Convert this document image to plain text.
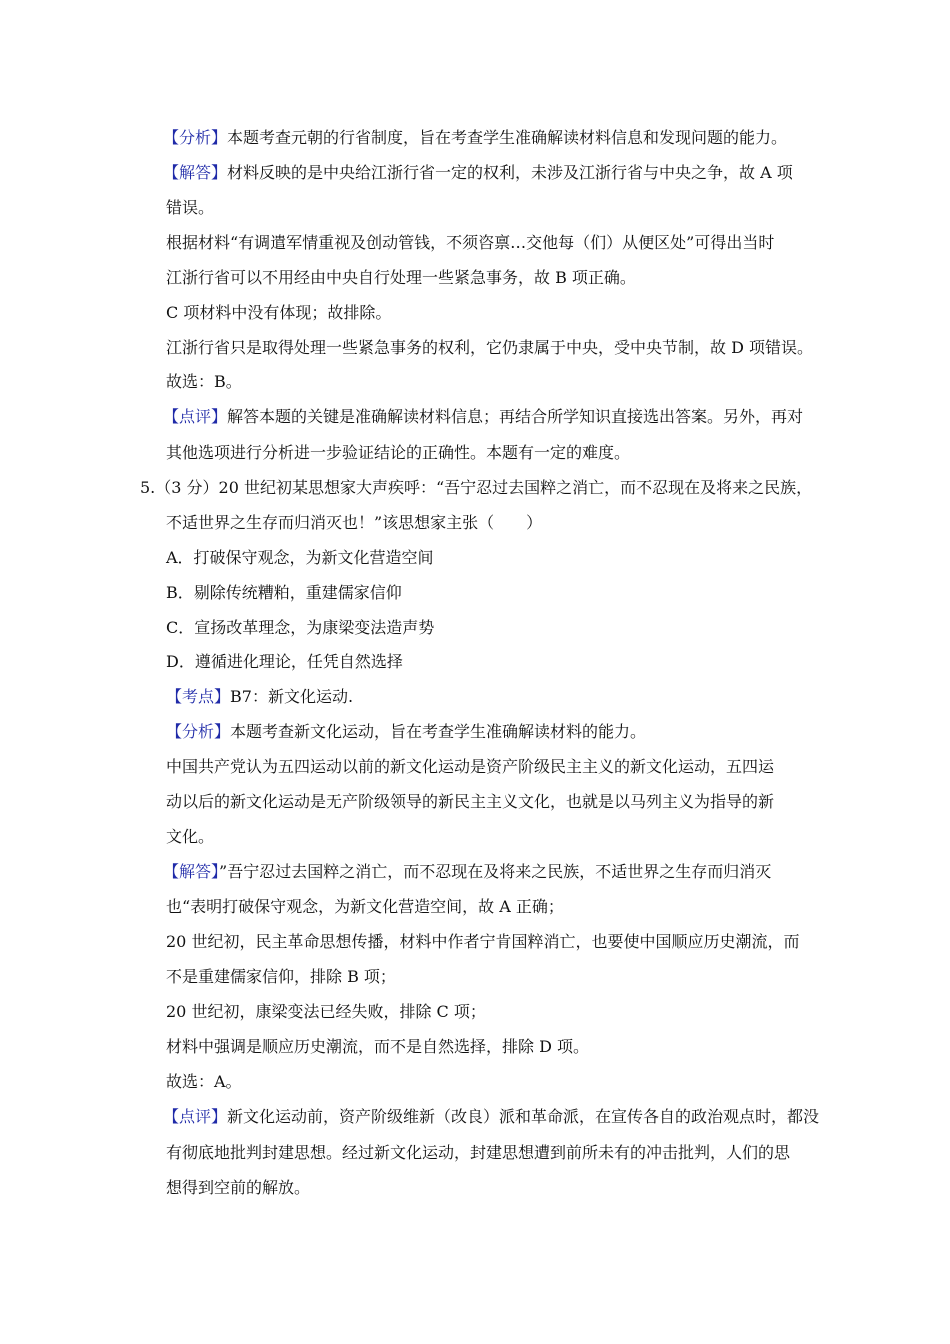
【分析】本题考查元朝的行省制度，旨在考查学生准确解读材料信息和发现问题的能力。
【解答】材料反映的是中央给江浙行省一定的权利，未涉及江浙行省与中央之争，故 A 项
错误。
根据材料“有调遣军情重视及创动管钱，不须咨禀…交他每（们）从便区处”可得出当时
江浙行省可以不用经由中央自行处理一些紧急事务，故 B 项正确。
C 项材料中没有体现；故排除。
江浙行省只是取得处理一些紧急事务的权利，它仍隶属于中央，受中央节制，故 D 项错误。
故选：B。
【点评】解答本题的关键是准确解读材料信息；再结合所学知识直接选出答案。另外，再对
其他选项进行分析进一步验证结论的正确性。本题有一定的难度。
5.（3 分）20 世纪初某思想家大声疾呼：“吾宁忍过去国粹之消亡，而不忍现在及将来之民族，
不适世界之生存而归消灭也！”该思想家主张（　　）
A．打破保守观念，为新文化营造空间
B．剔除传统糟粕，重建儒家信仰
C．宣扬改革理念，为康梁变法造声势
D．遵循进化理论，任凭自然选择
【考点】B7：新文化运动.
【分析】本题考查新文化运动，旨在考查学生准确解读材料的能力。
中国共产党认为五四运动以前的新文化运动是资产阶级民主主义的新文化运动，五四运
动以后的新文化运动是无产阶级领导的新民主主义文化，也就是以马列主义为指导的新
文化。
【解答】”吾宁忍过去国粹之消亡，而不忍现在及将来之民族，不适世界之生存而归消灭
也“表明打破保守观念，为新文化营造空间，故 A 正确；
20 世纪初，民主革命思想传播，材料中作者宁肯国粹消亡，也要使中国顺应历史潮流，而
不是重建儒家信仰，排除 B 项；
20 世纪初，康梁变法已经失败，排除 C 项；
材料中强调是顺应历史潮流，而不是自然选择，排除 D 项。
故选：A。
【点评】新文化运动前，资产阶级维新（改良）派和革命派，在宣传各自的政治观点时，都没
有彻底地批判封建思想。经过新文化运动，封建思想遭到前所未有的冲击批判，人们的思
想得到空前的解放。
